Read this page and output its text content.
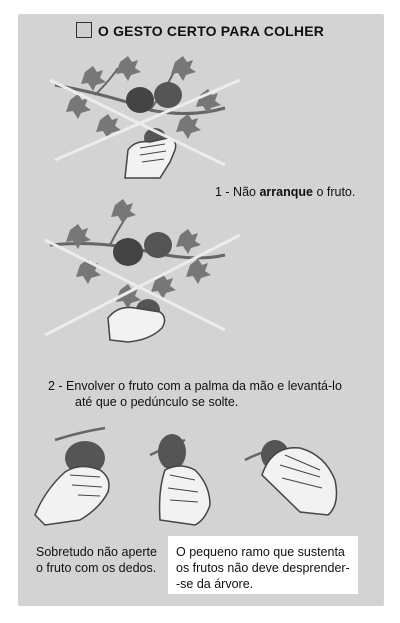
O GESTO CERTO PARA COLHER
1 - Não arranque o fruto.
2 - Envolver o fruto com a palma da mão e levantá-lo
até que o pedúnculo se solte.
Sobretudo não aperte
o fruto com os dedos.
O pequeno ramo que sustenta
os frutos não deve desprender-
-se da árvore.
